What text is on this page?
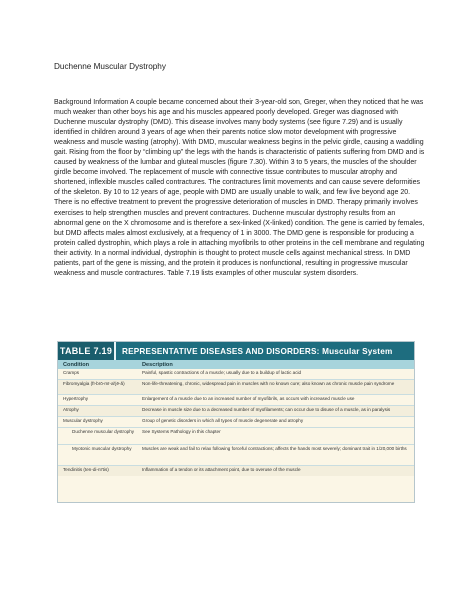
Duchenne Muscular Dystrophy
Background Information A couple became concerned about their 3-year-old son, Greger, when they noticed that he was much weaker than other boys his age and his muscles appeared poorly developed. Greger was diagnosed with Duchenne muscular dystrophy (DMD). This disease involves many body systems (see figure 7.29) and is usually identified in children around 3 years of age when their parents notice slow motor development with progressive weakness and muscle wasting (atrophy). With DMD, muscular weakness begins in the pelvic girdle, causing a waddling gait. Rising from the floor by “climbing up” the legs with the hands is characteristic of patients suffering from DMD and is caused by weakness of the lumbar and gluteal muscles (figure 7.30). Within 3 to 5 years, the muscles of the shoulder girdle become involved. The replacement of muscle with connective tissue contributes to muscular atrophy and shortened, inflexible muscles called contractures. The contractures limit movements and can cause severe deformities of the skeleton. By 10 to 12 years of age, people with DMD are usually unable to walk, and few live beyond age 20. There is no effective treatment to prevent the progressive deterioration of muscles in DMD. Therapy primarily involves exercises to help strengthen muscles and prevent contractures. Duchenne muscular dystrophy results from an abnormal gene on the X chromosome and is therefore a sex-linked (X-linked) condition. The gene is carried by females, but DMD affects males almost exclusively, at a frequency of 1 in 3000. The DMD gene is responsible for producing a protein called dystrophin, which plays a role in attaching myofibrils to other proteins in the cell membrane and regulating their activity. In a normal individual, dystrophin is thought to protect muscle cells against mechanical stress. In DMD patients, part of the gene is missing, and the protein it produces is nonfunctional, resulting in progressive muscular weakness and muscle contractures. Table 7.19 lists examples of other muscular system disorders.
TABLE 7.19	REPRESENTATIVE DISEASES AND DISORDERS: Muscular System
Condition	Description
Cramps	Painful, spastic contractions of a muscle; usually due to a buildup of lactic acid
Fibromyalgia (fī-brō-mī-al′jē-ă)	Non-life-threatening, chronic, widespread pain in muscles with no known cure; also known as chronic muscle pain syndrome
Hypertrophy	Enlargement of a muscle due to an increased number of myofibrils, as occurs with increased muscle use
Atrophy	Decrease in muscle size due to a decreased number of myofilaments; can occur due to disuse of a muscle, as in paralysis
Muscular dystrophy	Group of genetic disorders in which all types of muscle degenerate and atrophy
Duchenne muscular dystrophy	See Systems Pathology in this chapter
Myotonic muscular dystrophy	Muscles are weak and fail to relax following forceful contractions; affects the hands most severely; dominant trait in 1/20,000 births
Tendinitis (ten-di-nī′tis)	Inflammation of a tendon or its attachment point, due to overuse of the muscle
